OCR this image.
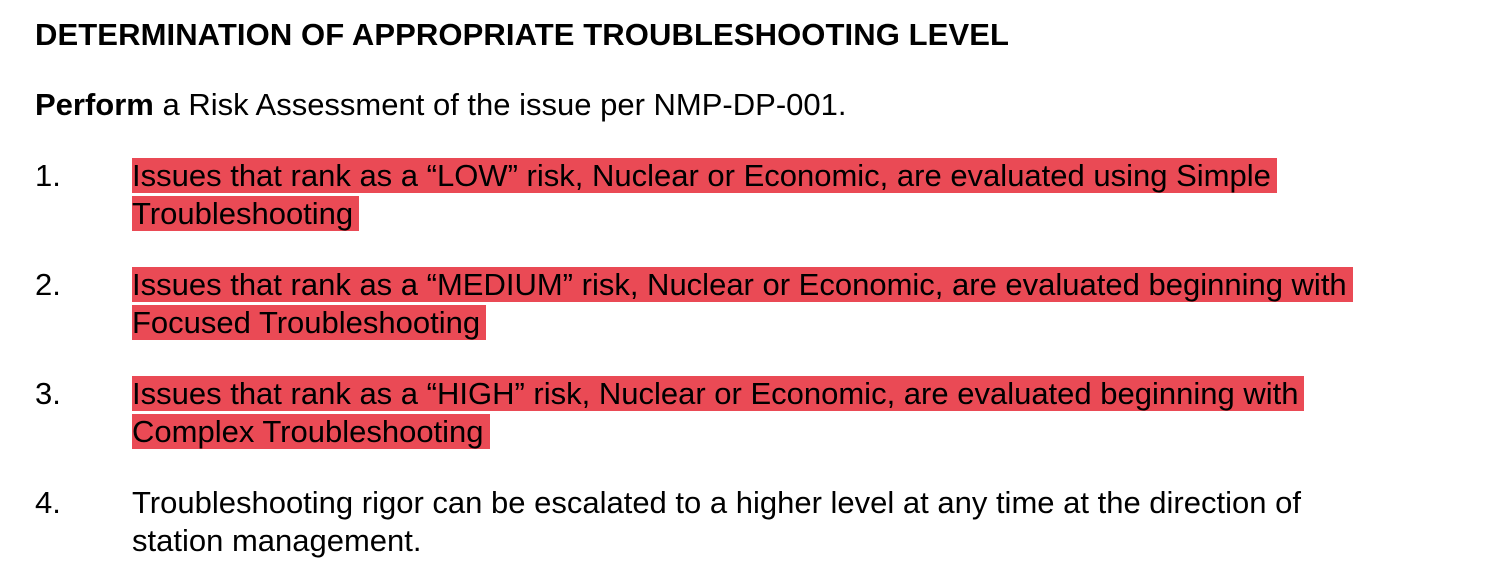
DETERMINATION OF APPROPRIATE TROUBLESHOOTING LEVEL

Perform a Risk Assessment of the issue per NMP-DP-001.

1.	Issues that rank as a “LOW” risk, Nuclear or Economic, are evaluated using Simple
Troubleshooting
2.	Issues that rank as a “MEDIUM” risk, Nuclear or Economic, are evaluated beginning with
Focused Troubleshooting
3.	Issues that rank as a “HIGH” risk, Nuclear or Economic, are evaluated beginning with
Complex Troubleshooting
4.	Troubleshooting rigor can be escalated to a higher level at any time at the direction of
station management.
